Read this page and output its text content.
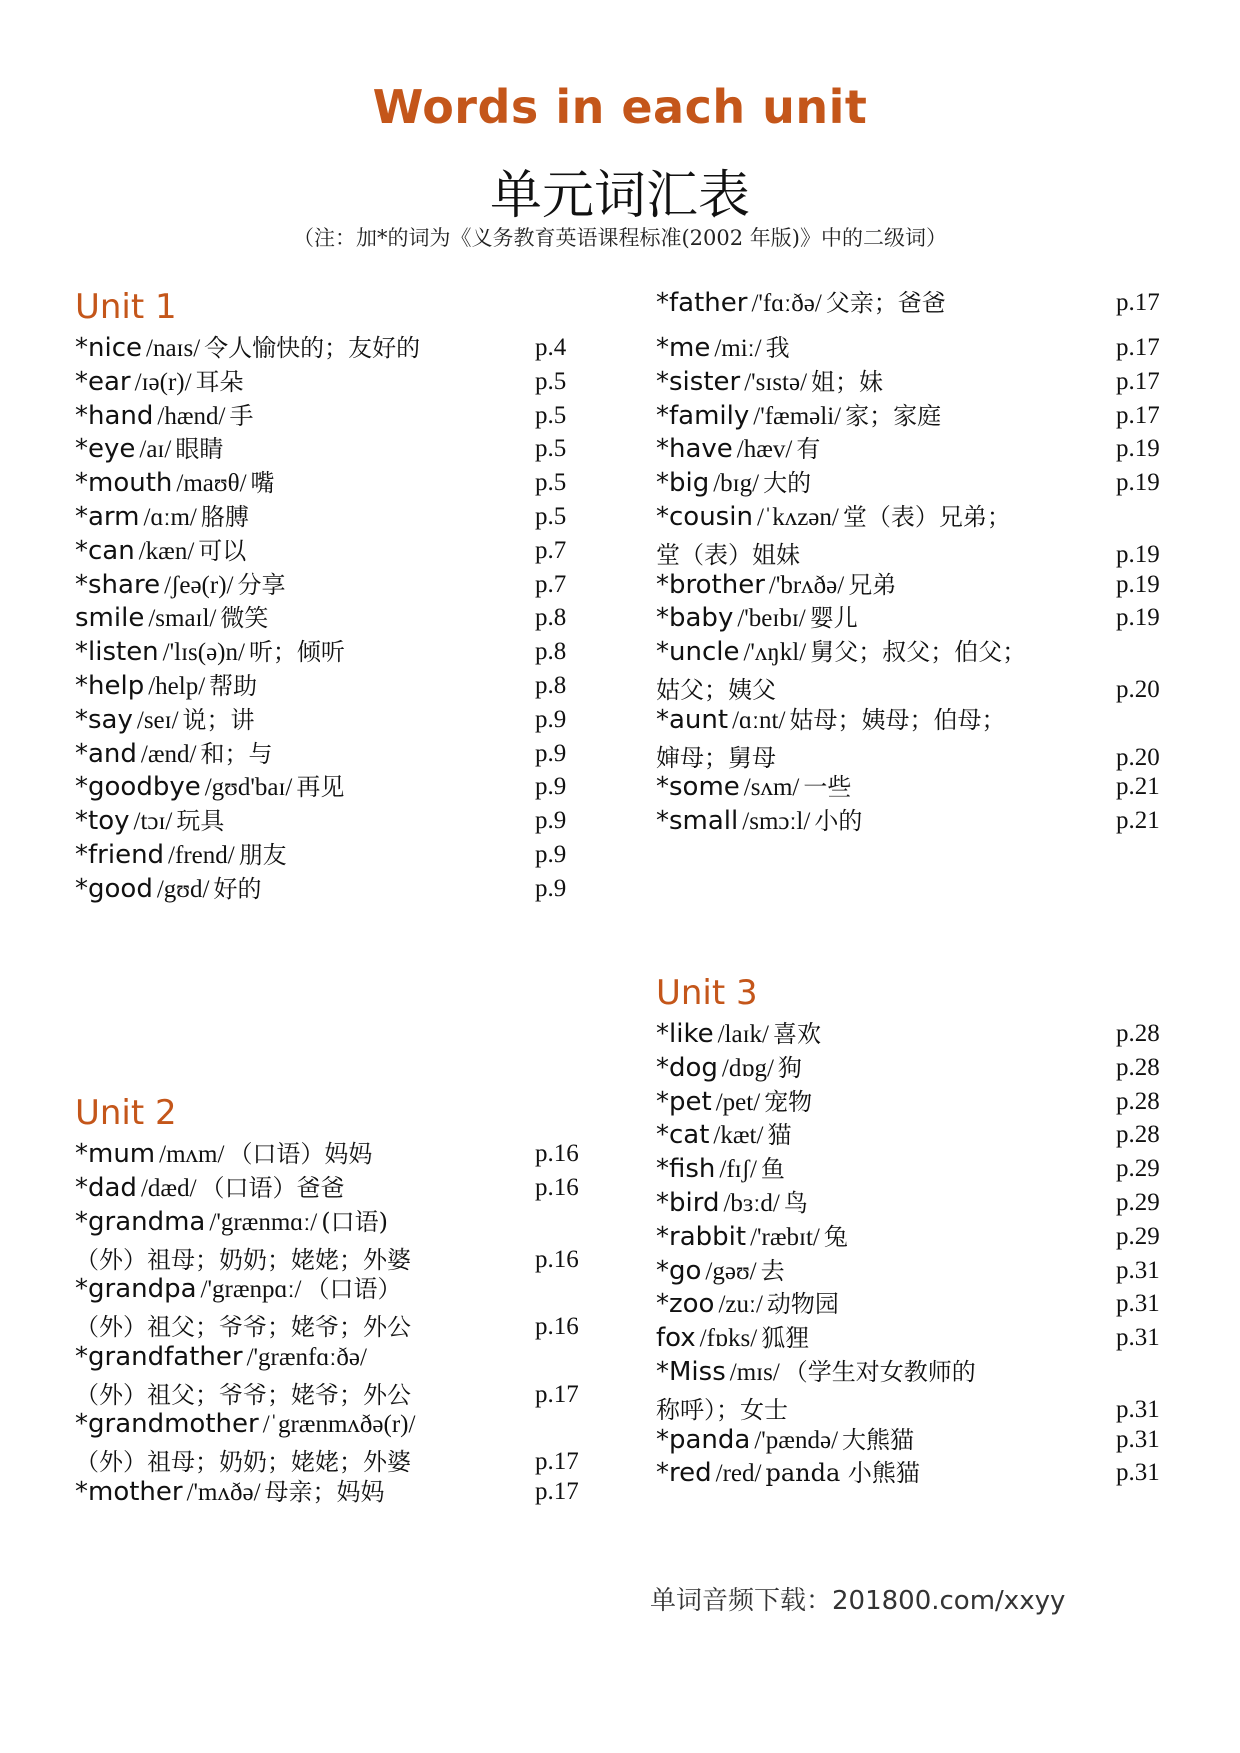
Words in each unit
单元词汇表
（注：加*的词为《义务教育英语课程标准(2002 年版)》中的二级词）
Unit 1
*nice /naɪs/ 令人愉快的；友好的	p.4
*ear /ɪə(r)/ 耳朵	p.5
*hand /hænd/ 手	p.5
*eye /aɪ/ 眼睛	p.5
*mouth /maʊθ/ 嘴	p.5
*arm /ɑːm/ 胳膊	p.5
*can /kæn/ 可以	p.7
*share /ʃeə(r)/ 分享	p.7
smile /smaɪl/ 微笑	p.8
*listen /'lɪs(ə)n/ 听；倾听	p.8
*help /help/ 帮助	p.8
*say /seɪ/ 说；讲	p.9
*and /ænd/ 和；与	p.9
*goodbye /gʊd'baɪ/ 再见	p.9
*toy /tɔɪ/ 玩具	p.9
*friend /frend/ 朋友	p.9
*good /gʊd/ 好的	p.9
Unit 2
*mum /mʌm/ （口语）妈妈	p.16
*dad /dæd/ （口语）爸爸	p.16
*grandma /'grænmɑː/ (口语)
（外）祖母；奶奶；姥姥；外婆	p.16
*grandpa /'grænpɑː/ （口语）
（外）祖父；爷爷；姥爷；外公	p.16
*grandfather /'grænfɑːðə/
（外）祖父；爷爷；姥爷；外公	p.17
*grandmother /ˈgrænmʌðə(r)/
（外）祖母；奶奶；姥姥；外婆	p.17
*mother /'mʌðə/ 母亲；妈妈	p.17
*father /'fɑːðə/ 父亲；爸爸	p.17
*me /miː/ 我	p.17
*sister /'sɪstə/ 姐；妹	p.17
*family /'fæməli/ 家；家庭	p.17
*have /hæv/ 有	p.19
*big /bɪg/ 大的	p.19
*cousin /ˈkʌzən/ 堂（表）兄弟；
堂（表）姐妹	p.19
*brother /'brʌðə/ 兄弟	p.19
*baby /'beɪbɪ/ 婴儿	p.19
*uncle /'ʌŋkl/ 舅父；叔父；伯父；
姑父；姨父	p.20
*aunt /ɑːnt/ 姑母；姨母；伯母；
婶母；舅母	p.20
*some /sʌm/ 一些	p.21
*small /smɔːl/ 小的	p.21
Unit 3
*like /laɪk/ 喜欢	p.28
*dog /dɒg/ 狗	p.28
*pet /pet/ 宠物	p.28
*cat /kæt/ 猫	p.28
*fish /fɪʃ/ 鱼	p.29
*bird /bɜːd/ 鸟	p.29
*rabbit /'ræbɪt/ 兔	p.29
*go /gəʊ/ 去	p.31
*zoo /zuː/ 动物园	p.31
fox /fɒks/ 狐狸	p.31
*Miss /mɪs/ （学生对女教师的
称呼）；女士	p.31
*panda /'pændə/ 大熊猫	p.31
*red /red/ panda 小熊猫	p.31
单词音频下载：201800.com/xxyy
